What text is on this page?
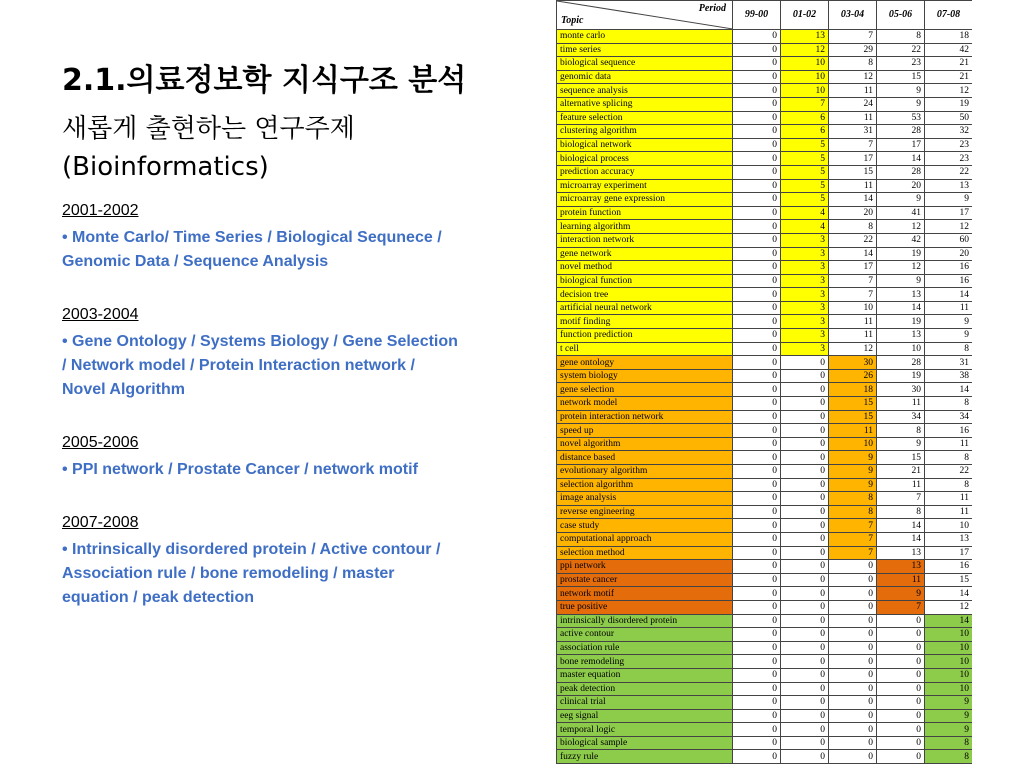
2.1.의료정보학 지식구조 분석
새롭게 출현하는 연구주제
(Bioinformatics)

2001-2002

• Monte Carlo/ Time Series / Biological Sequnece / Genomic Data / Sequence Analysis

2003-2004

• Gene Ontology / Systems Biology / Gene Selection / Network model / Protein Interaction network / Novel Algorithm

2005-2006

• PPI network / Prostate Cancer / network motif

2007-2008

• Intrinsically disordered protein / Active contour / Association rule / bone remodeling / master equation / peak detection

Period
Topic	99-00	01-02	03-04	05-06	07-08
monte carlo	0	13	7	8	18
time series	0	12	29	22	42
biological sequence	0	10	8	23	21
genomic data	0	10	12	15	21
sequence analysis	0	10	11	9	12
alternative splicing	0	7	24	9	19
feature selection	0	6	11	53	50
clustering algorithm	0	6	31	28	32
biological network	0	5	7	17	23
biological process	0	5	17	14	23
prediction accuracy	0	5	15	28	22
microarray experiment	0	5	11	20	13
microarray gene expression	0	5	14	9	9
protein function	0	4	20	41	17
learning algorithm	0	4	8	12	12
interaction network	0	3	22	42	60
gene network	0	3	14	19	20
novel method	0	3	17	12	16
biological function	0	3	7	9	16
decision tree	0	3	7	13	14
artificial neural network	0	3	10	14	11
motif finding	0	3	11	19	9
function prediction	0	3	11	13	9
t cell	0	3	12	10	8
gene ontology	0	0	30	28	31
system biology	0	0	26	19	38
gene selection	0	0	18	30	14
network model	0	0	15	11	8
protein interaction network	0	0	15	34	34
speed up	0	0	11	8	16
novel algorithm	0	0	10	9	11
distance based	0	0	9	15	8
evolutionary algorithm	0	0	9	21	22
selection algorithm	0	0	9	11	8
image analysis	0	0	8	7	11
reverse engineering	0	0	8	8	11
case study	0	0	7	14	10
computational approach	0	0	7	14	13
selection method	0	0	7	13	17
ppi network	0	0	0	13	16
prostate cancer	0	0	0	11	15
network motif	0	0	0	9	14
true positive	0	0	0	7	12
intrinsically disordered protein	0	0	0	0	14
active contour	0	0	0	0	10
association rule	0	0	0	0	10
bone remodeling	0	0	0	0	10
master equation	0	0	0	0	10
peak detection	0	0	0	0	10
clinical trial	0	0	0	0	9
eeg signal	0	0	0	0	9
temporal logic	0	0	0	0	9
biological sample	0	0	0	0	8
fuzzy rule	0	0	0	0	8
